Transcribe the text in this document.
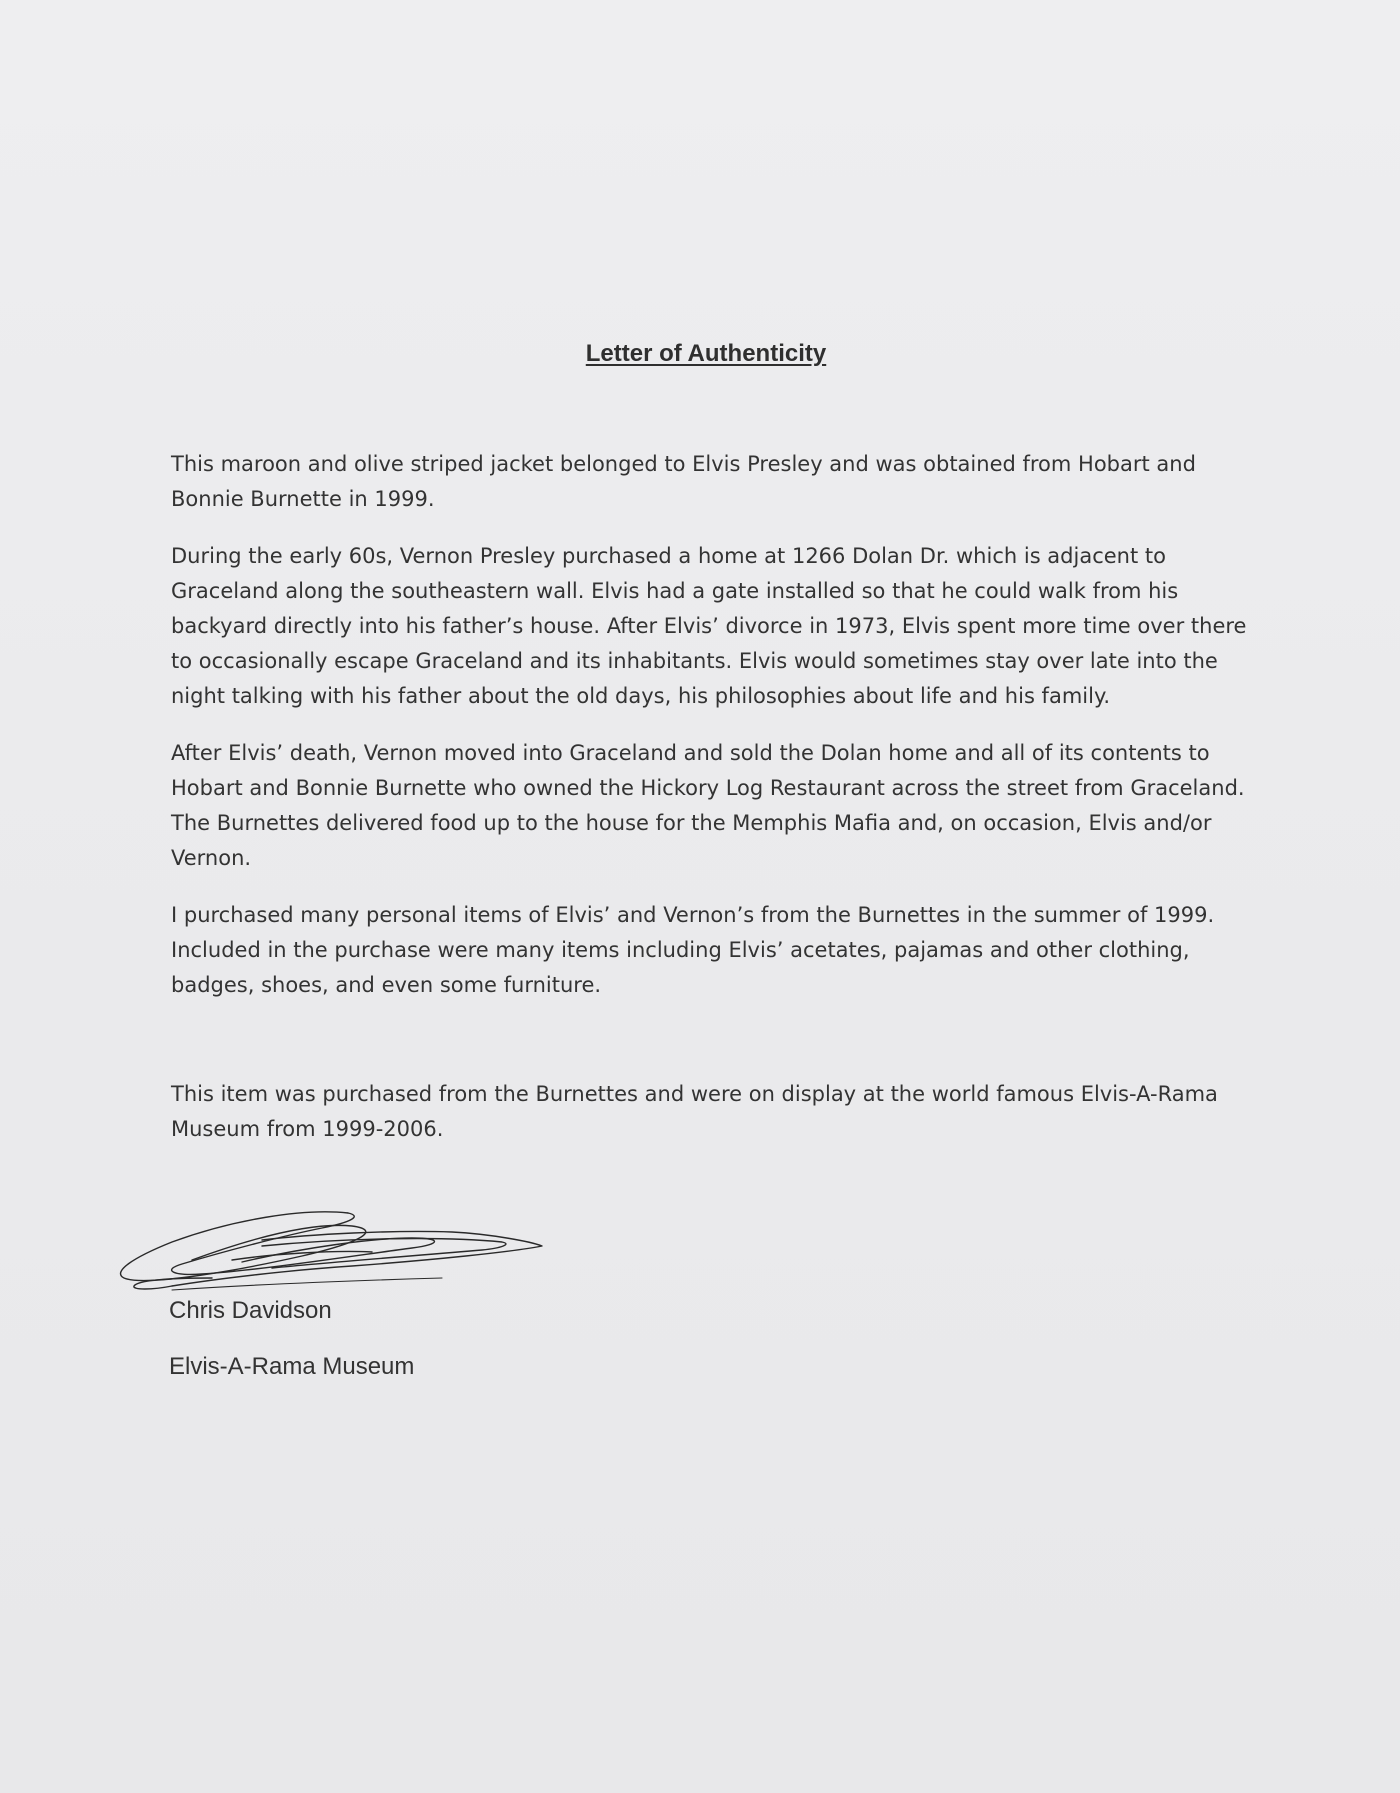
Letter of Authenticity

This maroon and olive striped jacket belonged to Elvis Presley and was obtained from Hobart and Bonnie Burnette in 1999.

During the early 60s, Vernon Presley purchased a home at 1266 Dolan Dr. which is adjacent to Graceland along the southeastern wall. Elvis had a gate installed so that he could walk from his backyard directly into his father’s house. After Elvis’ divorce in 1973, Elvis spent more time over there to occasionally escape Graceland and its inhabitants. Elvis would sometimes stay over late into the night talking with his father about the old days, his philosophies about life and his family.

After Elvis’ death, Vernon moved into Graceland and sold the Dolan home and all of its contents to Hobart and Bonnie Burnette who owned the Hickory Log Restaurant across the street from Graceland. The Burnettes delivered food up to the house for the Memphis Mafia and, on occasion, Elvis and/or Vernon.

I purchased many personal items of Elvis’ and Vernon’s from the Burnettes in the summer of 1999. Included in the purchase were many items including Elvis’ acetates, pajamas and other clothing, badges, shoes, and even some furniture.

This item was purchased from the Burnettes and were on display at the world famous Elvis-A-Rama Museum from 1999-2006.

Chris Davidson
Elvis-A-Rama Museum
